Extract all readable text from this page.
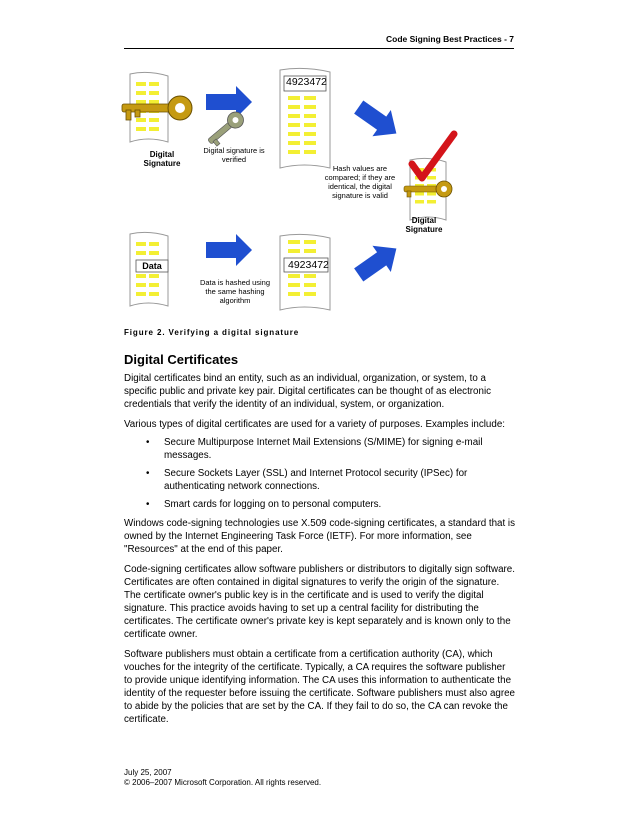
Code Signing Best Practices - 7
Digital Signature
Digital signature is verified
4923472
Hash values are compared; if they are identical, the digital signature is valid
Digital Signature
Data
Data is hashed using the same hashing algorithm
4923472
Figure 2. Verifying a digital signature
Digital Certificates

Digital certificates bind an entity, such as an individual, organization, or system, to a specific public and private key pair. Digital certificates can be thought of as electronic credentials that verify the identity of an individual, system, or organization.

Various types of digital certificates are used for a variety of purposes. Examples include:

•	Secure Multipurpose Internet Mail Extensions (S/MIME) for signing e-mail messages.
•	Secure Sockets Layer (SSL) and Internet Protocol security (IPSec) for authenticating network connections.
•	Smart cards for logging on to personal computers.

Windows code-signing technologies use X.509 code-signing certificates, a standard that is owned by the Internet Engineering Task Force (IETF). For more information, see "Resources" at the end of this paper.

Code-signing certificates allow software publishers or distributors to digitally sign software. Certificates are often contained in digital signatures to verify the origin of the signature. The certificate owner's public key is in the certificate and is used to verify the digital signature. This practice avoids having to set up a central facility for distributing the certificates. The certificate owner's private key is kept separately and is known only to the certificate owner.

Software publishers must obtain a certificate from a certification authority (CA), which vouches for the integrity of the certificate. Typically, a CA requires the software publisher to provide unique identifying information. The CA uses this information to authenticate the identity of the requester before issuing the certificate. Software publishers must also agree to abide by the policies that are set by the CA. If they fail to do so, the CA can revoke the certificate.

July 25, 2007
© 2006–2007 Microsoft Corporation. All rights reserved.
